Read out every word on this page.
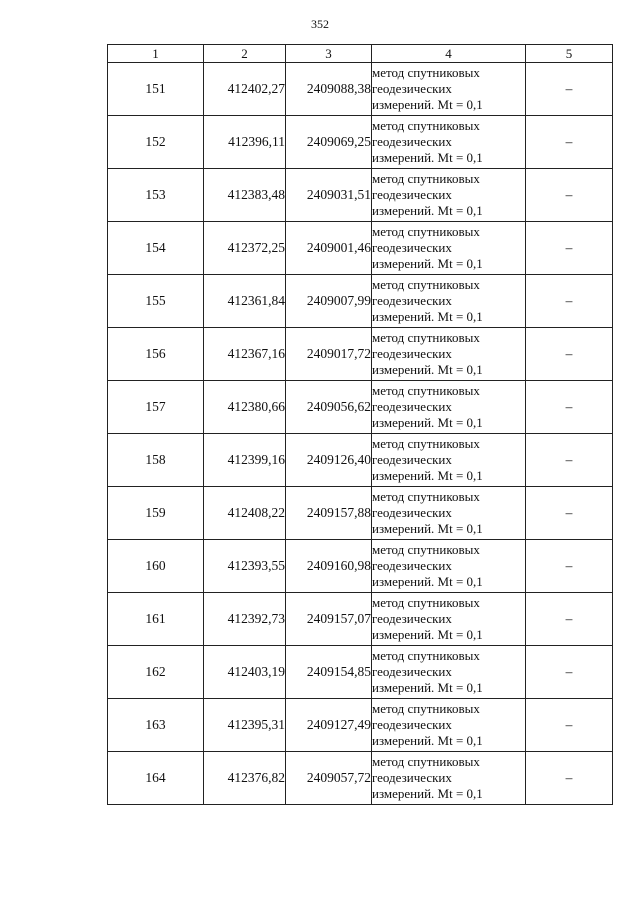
352
1	2	3	4	5
151	412402,27	2409088,38	метод спутниковых
геодезических
измерений. Mt = 0,1	–
152	412396,11	2409069,25	метод спутниковых
геодезических
измерений. Mt = 0,1	–
153	412383,48	2409031,51	метод спутниковых
геодезических
измерений. Mt = 0,1	–
154	412372,25	2409001,46	метод спутниковых
геодезических
измерений. Mt = 0,1	–
155	412361,84	2409007,99	метод спутниковых
геодезических
измерений. Mt = 0,1	–
156	412367,16	2409017,72	метод спутниковых
геодезических
измерений. Mt = 0,1	–
157	412380,66	2409056,62	метод спутниковых
геодезических
измерений. Mt = 0,1	–
158	412399,16	2409126,40	метод спутниковых
геодезических
измерений. Mt = 0,1	–
159	412408,22	2409157,88	метод спутниковых
геодезических
измерений. Mt = 0,1	–
160	412393,55	2409160,98	метод спутниковых
геодезических
измерений. Mt = 0,1	–
161	412392,73	2409157,07	метод спутниковых
геодезических
измерений. Mt = 0,1	–
162	412403,19	2409154,85	метод спутниковых
геодезических
измерений. Mt = 0,1	–
163	412395,31	2409127,49	метод спутниковых
геодезических
измерений. Mt = 0,1	–
164	412376,82	2409057,72	метод спутниковых
геодезических
измерений. Mt = 0,1	–
